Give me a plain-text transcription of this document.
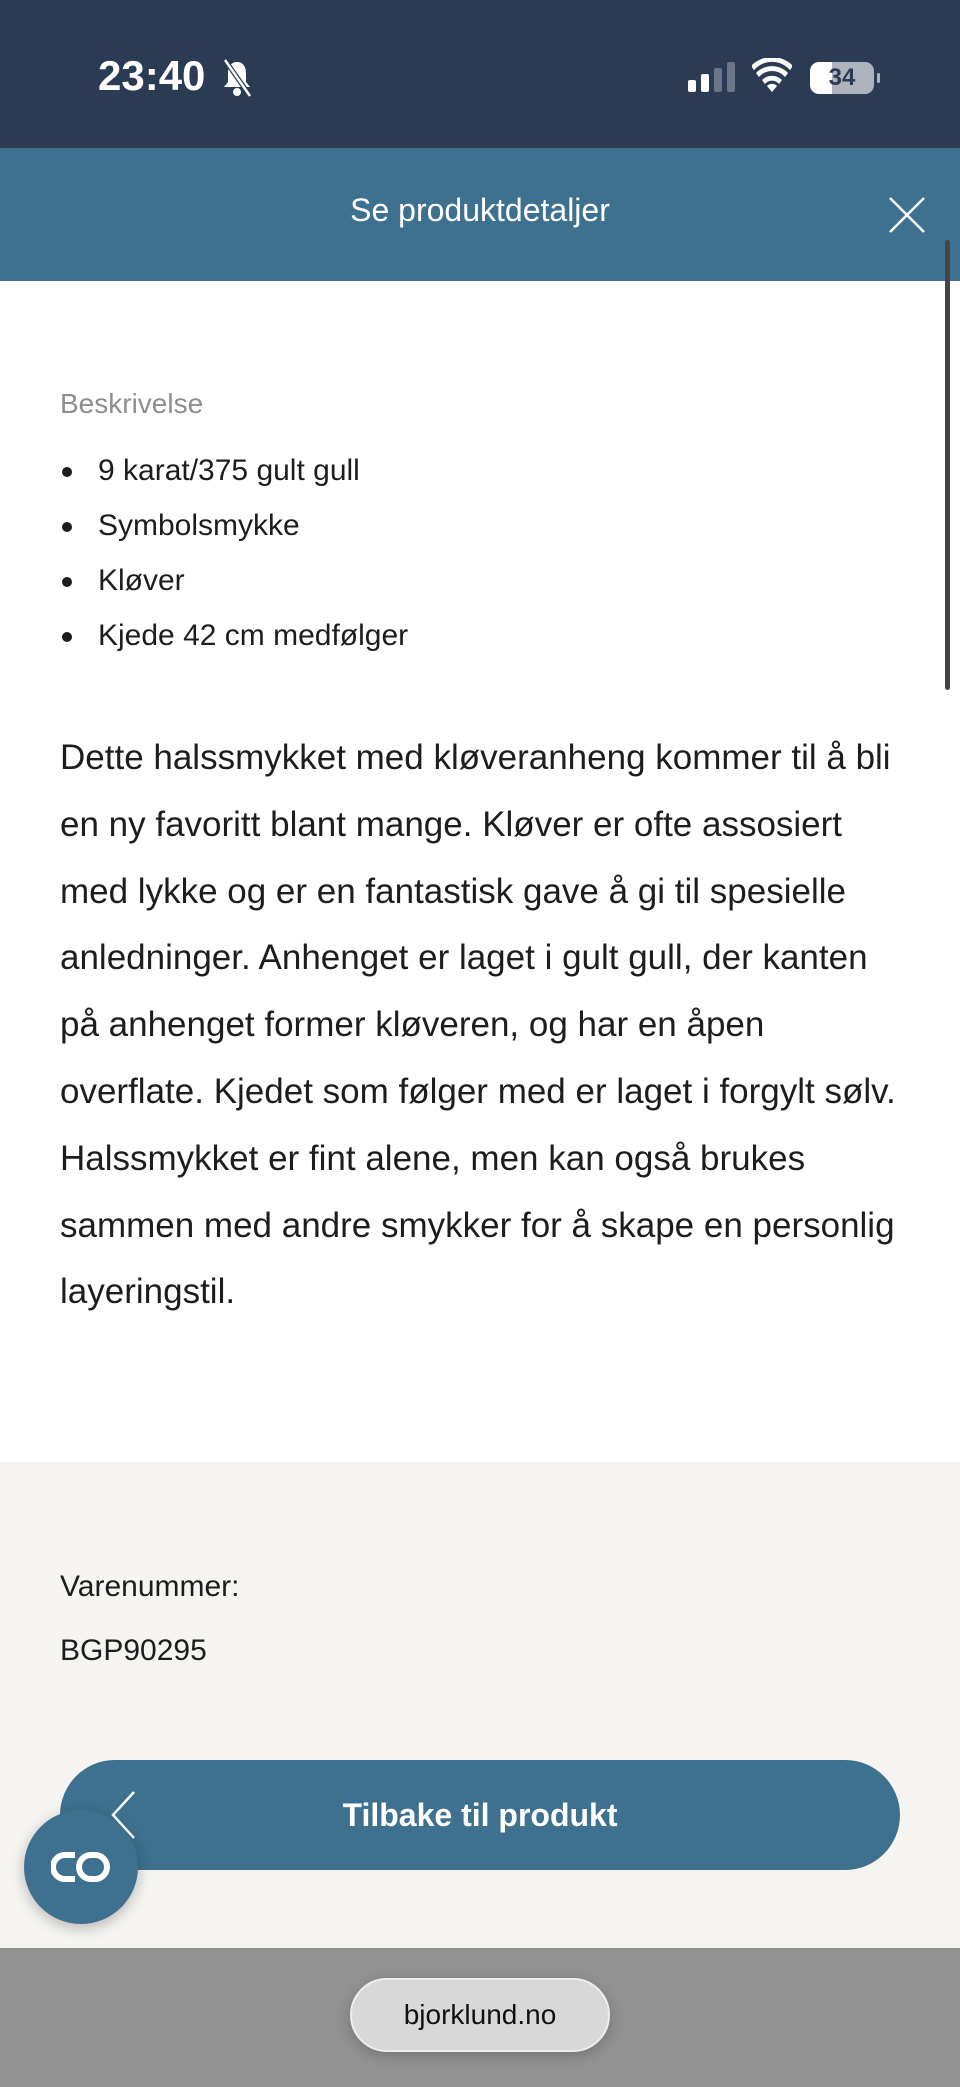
23:40	34
Se produktdetaljer
Beskrivelse
9 karat/375 gult gull
Symbolsmykke
Kløver
Kjede 42 cm medfølger

Dette halssmykket med kløveranheng kommer til å bli en ny favoritt blant mange. Kløver er ofte assosiert med lykke og er en fantastisk gave å gi til spesielle anledninger. Anhenget er laget i gult gull, der kanten på anhenget former kløveren, og har en åpen overflate. Kjedet som følger med er laget i forgylt sølv. Halssmykket er fint alene, men kan også brukes sammen med andre smykker for å skape en personlig layeringstil.

Varenummer:
BGP90295
Tilbake til produkt
bjorklund.no
